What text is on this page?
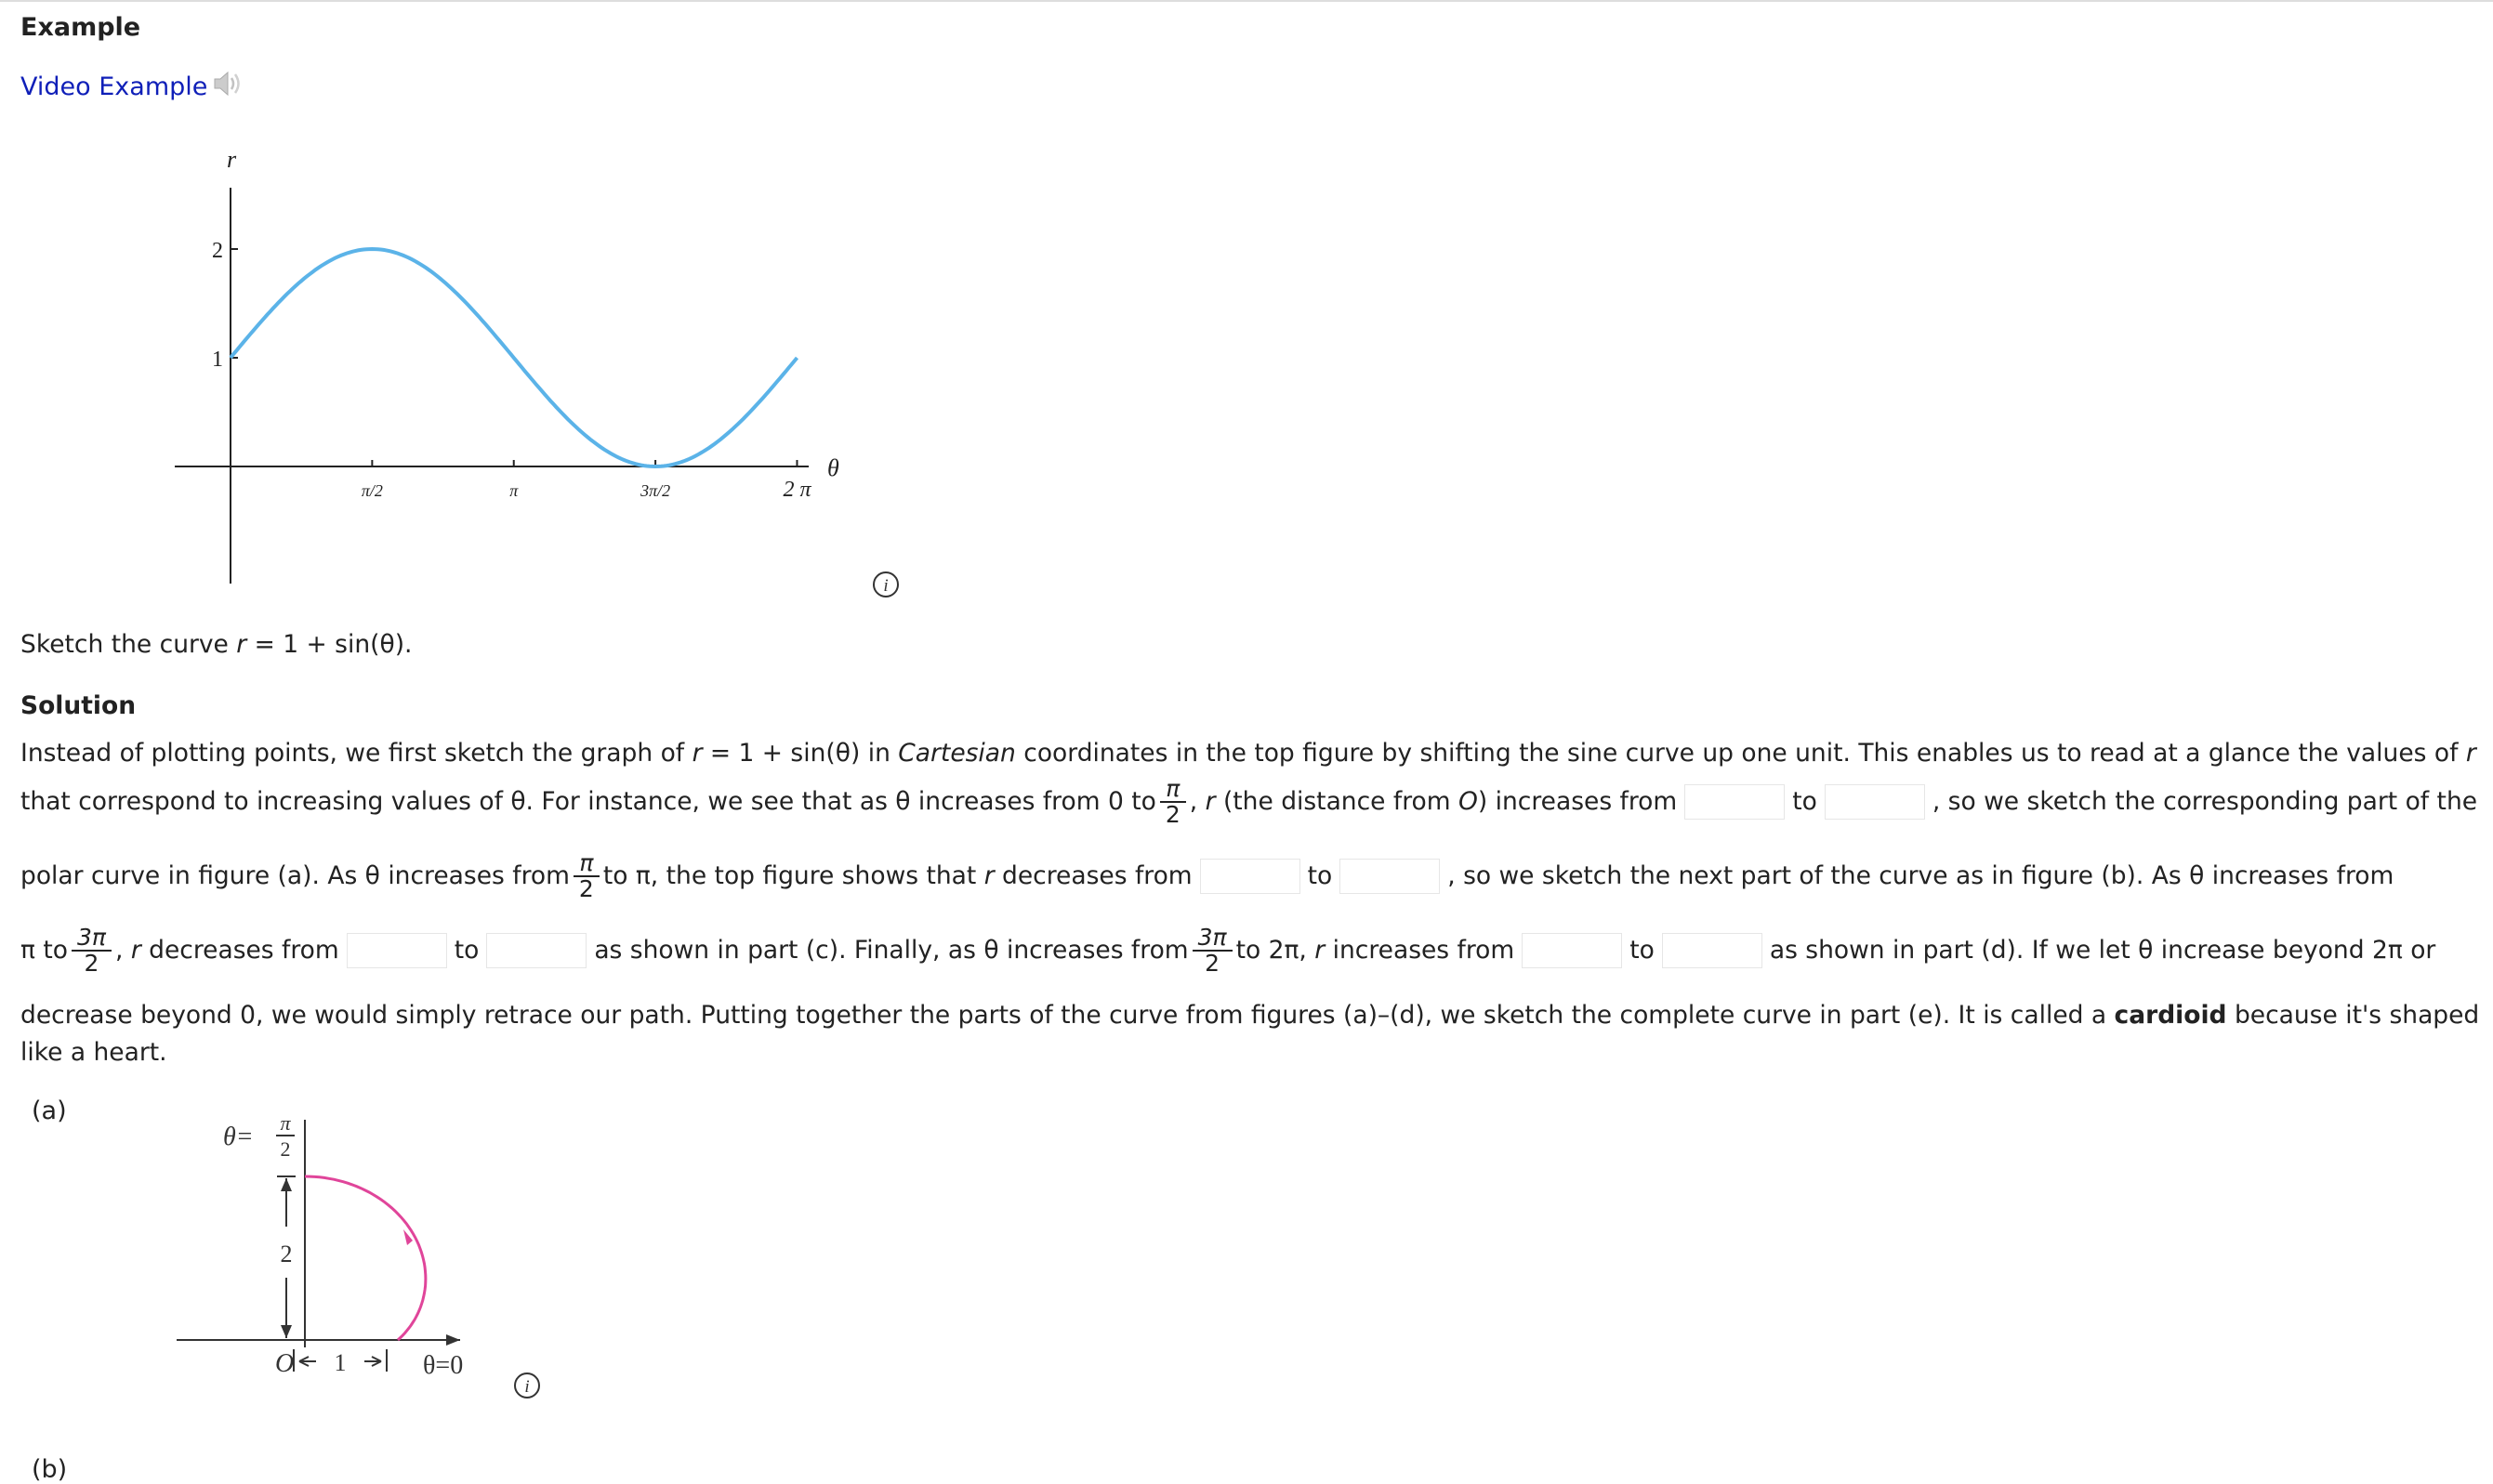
Example
Video Example
r
θ
π/2	π	3π/2	2 π
1
2
i
Sketch the curve r = 1 + sin(θ).
Solution
Instead of plotting points, we first sketch the graph of r = 1 + sin(θ) in Cartesian coordinates in the top figure by shifting the sine curve up one unit. This enables us to read at a glance the values of r
that correspond to increasing values of θ. For instance, we see that as θ increases from 0 to $\frac{\pi}{2}$ , r (the distance from O) increases from	to	, so we sketch the corresponding part of the
polar curve in figure (a). As θ increases from $\frac{\pi}{2}$ to π, the top figure shows that r decreases from	to	, so we sketch the next part of the curve as in figure (b). As θ increases from
π to $\frac{3\pi}{2}$ , r decreases from	to	as shown in part (c). Finally, as θ increases from $\frac{3\pi}{2}$ to 2π, r increases from	to	as shown in part (d). If we let θ increase beyond 2π or
decrease beyond 0, we would simply retrace our path. Putting together the parts of the curve from figures (a)–(d), we sketch the complete curve in part (e). It is called a cardioid because it's shaped
like a heart.
(a)
θ= π
2
2
O 1	θ=0
i
(b)
